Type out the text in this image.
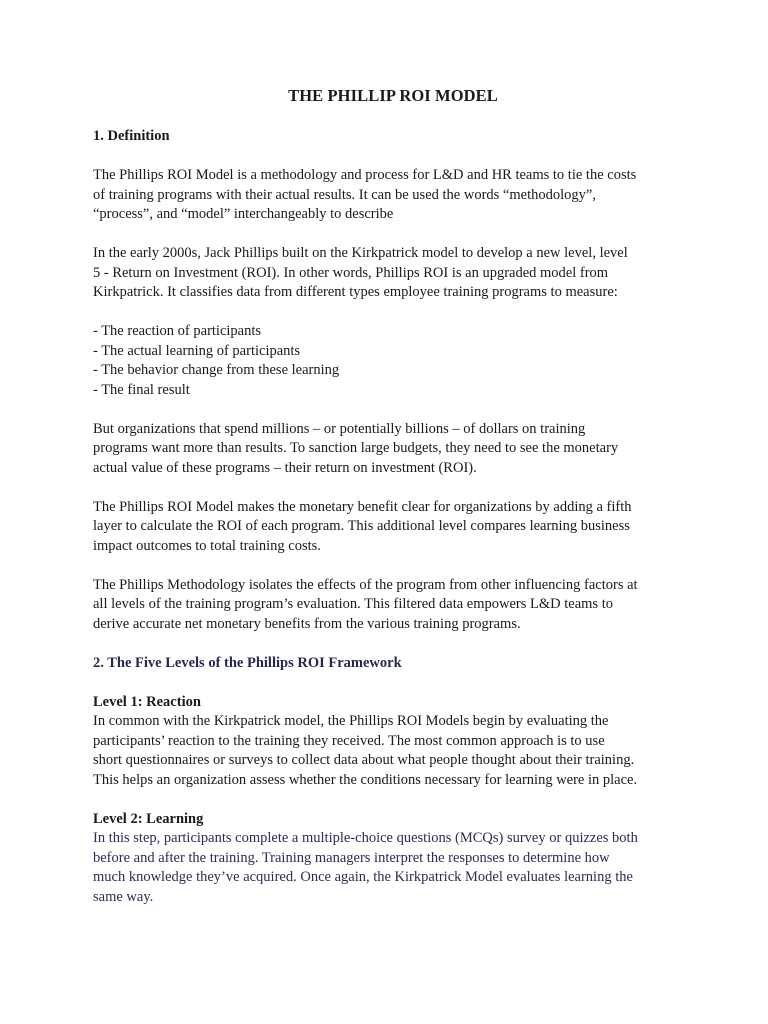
THE PHILLIP ROI MODEL
1. Definition

The Phillips ROI Model is a methodology and process for L&D and HR teams to tie the costs
of training programs with their actual results. It can be used the words “methodology”,
“process”, and “model” interchangeably to describe

In the early 2000s, Jack Phillips built on the Kirkpatrick model to develop a new level, level
5 - Return on Investment (ROI). In other words, Phillips ROI is an upgraded model from
Kirkpatrick. It classifies data from different types employee training programs to measure:

- The reaction of participants
- The actual learning of participants
- The behavior change from these learning
- The final result

But organizations that spend millions – or potentially billions – of dollars on training
programs want more than results. To sanction large budgets, they need to see the monetary
actual value of these programs – their return on investment (ROI).

The Phillips ROI Model makes the monetary benefit clear for organizations by adding a fifth
layer to calculate the ROI of each program. This additional level compares learning business
impact outcomes to total training costs.

The Phillips Methodology isolates the effects of the program from other influencing factors at
all levels of the training program’s evaluation. This filtered data empowers L&D teams to
derive accurate net monetary benefits from the various training programs.

2. The Five Levels of the Phillips ROI Framework
Level 1: Reaction

In common with the Kirkpatrick model, the Phillips ROI Models begin by evaluating the
participants’ reaction to the training they received. The most common approach is to use
short questionnaires or surveys to collect data about what people thought about their training.
This helps an organization assess whether the conditions necessary for learning were in place.

Level 2: Learning

In this step, participants complete a multiple-choice questions (MCQs) survey or quizzes both
before and after the training. Training managers interpret the responses to determine how
much knowledge they’ve acquired. Once again, the Kirkpatrick Model evaluates learning the
same way.
